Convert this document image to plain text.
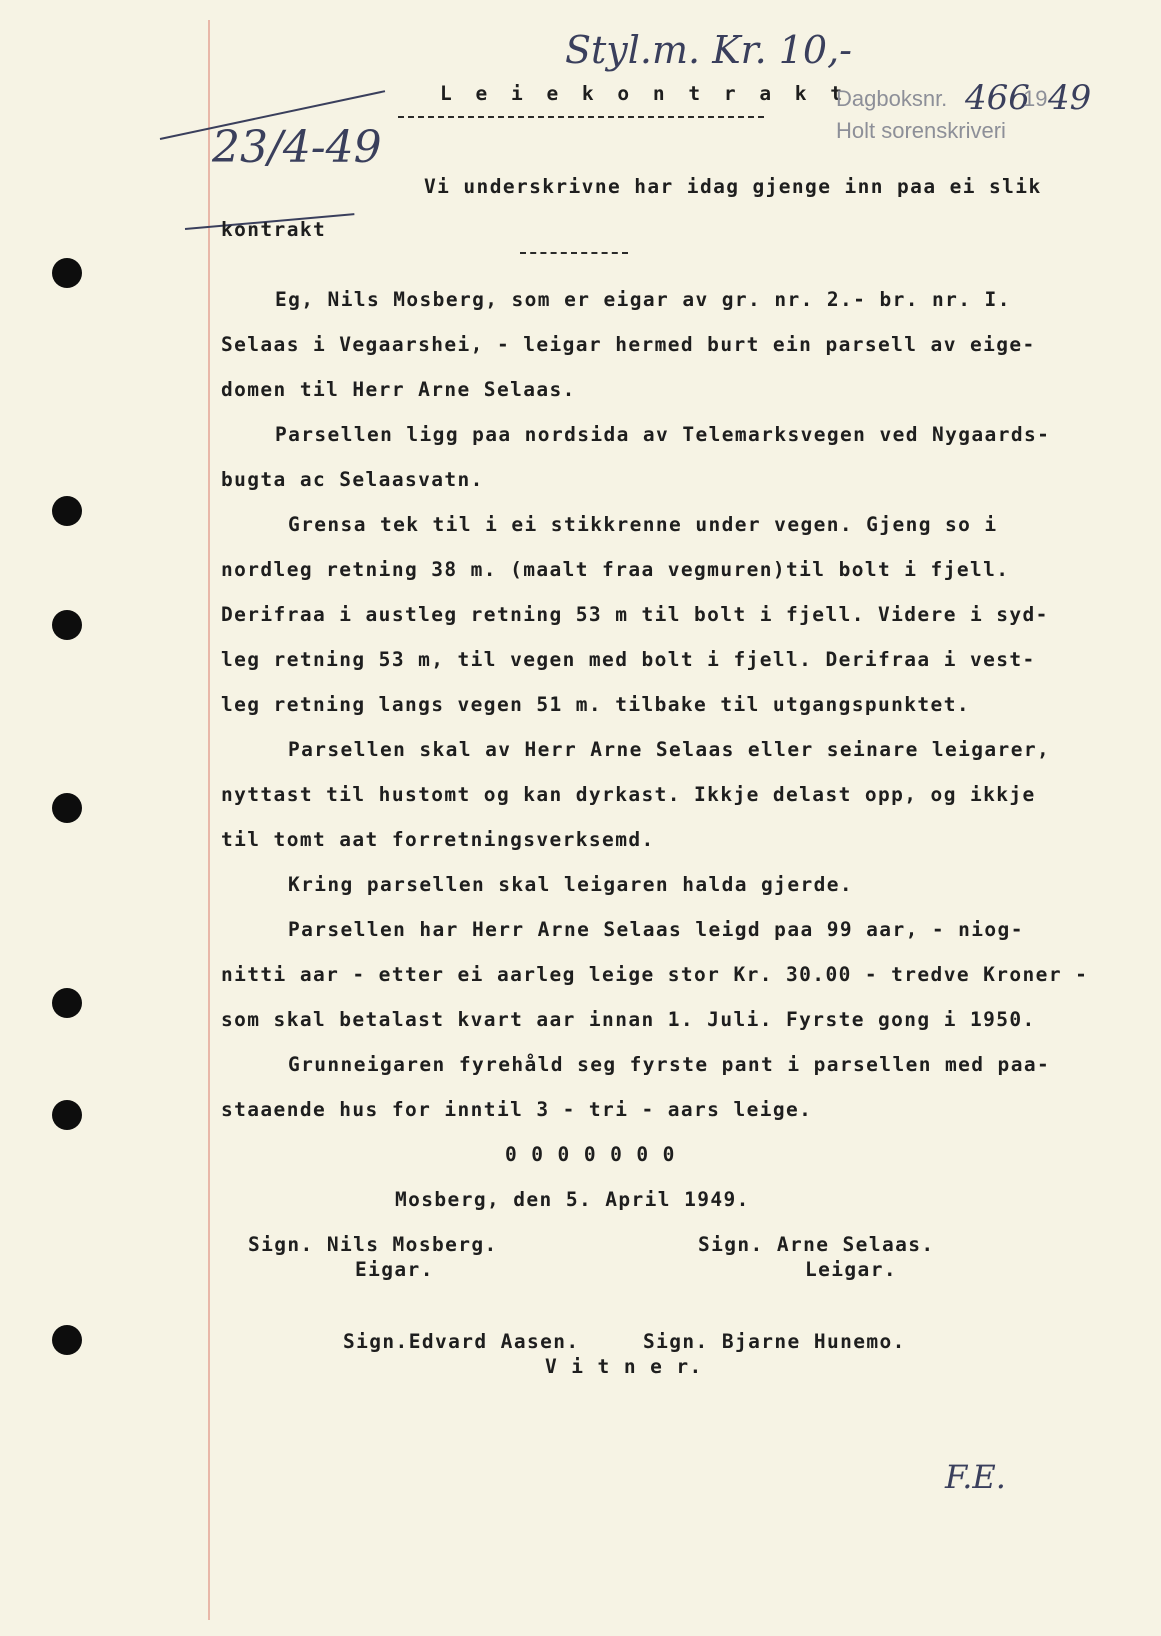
Styl.m. Kr. 10,-
23/4-49
L e i e k o n t r a k t
Dagboksnr. 466
19 49
Holt sorenskriveri
Vi underskrivne har idag gjenge inn paa ei slik
kontrakt
Eg, Nils Mosberg, som er eigar av gr. nr. 2.- br. nr. I.
Selaas i Vegaarshei, - leigar hermed burt ein parsell av eige-
domen til Herr Arne Selaas.
Parsellen ligg paa nordsida av Telemarksvegen ved Nygaards-
bugta ac Selaasvatn.
Grensa tek til i ei stikkrenne under vegen. Gjeng so i
nordleg retning 38 m. (maalt fraa vegmuren)til bolt i fjell.
Derifraa i austleg retning 53 m til bolt i fjell. Videre i syd-
leg retning 53 m, til vegen med bolt i fjell. Derifraa i vest-
leg retning langs vegen 51 m. tilbake til utgangspunktet.
Parsellen skal av Herr Arne Selaas eller seinare leigarer,
nyttast til hustomt og kan dyrkast. Ikkje delast opp, og ikkje
til tomt aat forretningsverksemd.
Kring parsellen skal leigaren halda gjerde.
Parsellen har Herr Arne Selaas leigd paa 99 aar, - niog-
nitti aar - etter ei aarleg leige stor Kr. 30.00 - tredve Kroner -
som skal betalast kvart aar innan 1. Juli. Fyrste gong i 1950.
Grunneigaren fyrehåld seg fyrste pant i parsellen med paa-
staaende hus for inntil 3 - tri - aars leige.
0 0 0 0 0 0 0
Mosberg, den 5. April 1949.
Sign. Nils Mosberg.
Eigar.
Sign. Arne Selaas.
Leigar.
Sign.Edvard Aasen.	Sign. Bjarne Hunemo.
V i t n e r.
F.E.
